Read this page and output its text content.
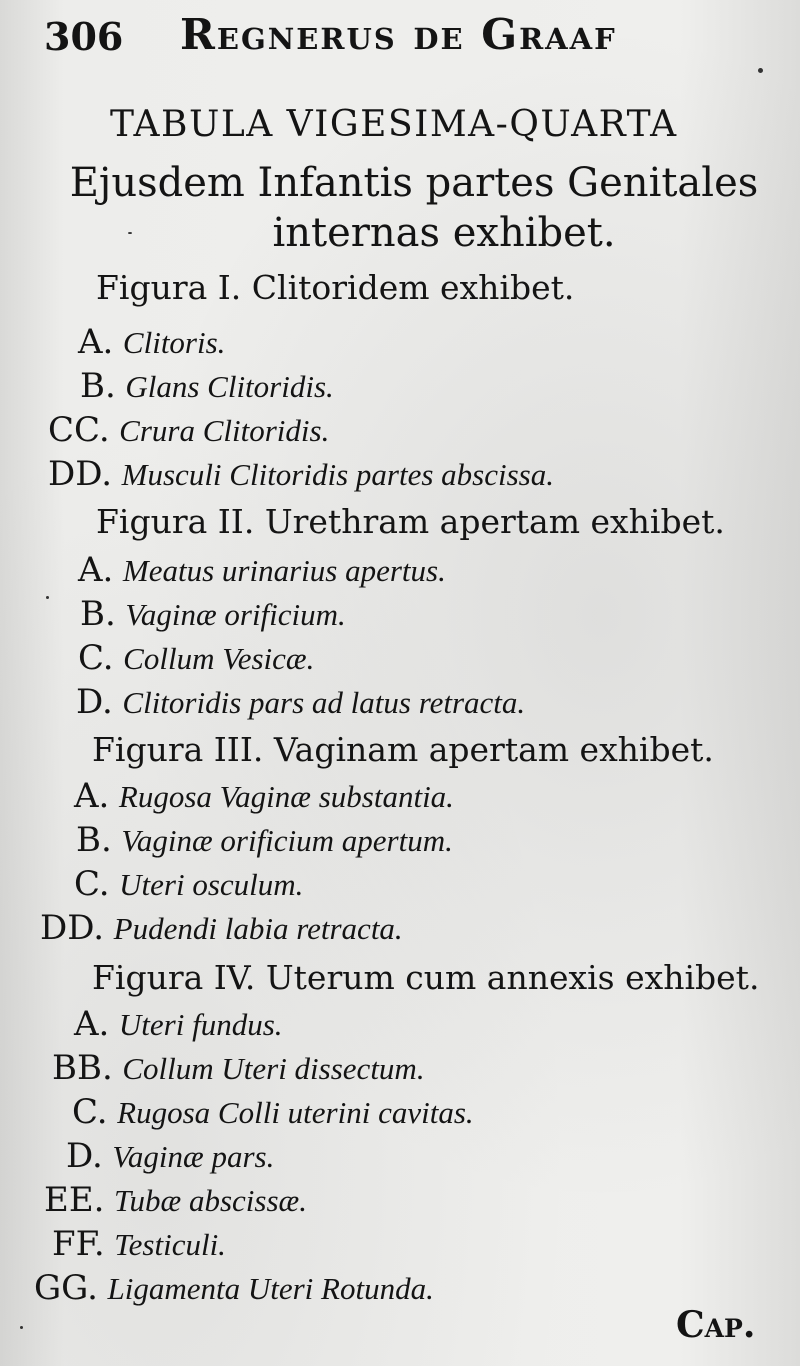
306 Regnerus de Graaf
TABULA VIGESIMA-QUARTA
Ejusdem Infantis partes Genitales
internas exhibet.
Figura I. Clitoridem exhibet.
A. Clitoris.
B. Glans Clitoridis.
CC. Crura Clitoridis.
DD. Musculi Clitoridis partes abscissa.
Figura II. Urethram apertam exhibet.
A. Meatus urinarius apertus.
B. Vaginæ orificium.
C. Collum Vesicæ.
D. Clitoridis pars ad latus retracta.
Figura III. Vaginam apertam exhibet.
A. Rugosa Vaginæ substantia.
B. Vaginæ orificium apertum.
C. Uteri osculum.
DD. Pudendi labia retracta.
Figura IV. Uterum cum annexis exhibet.
A. Uteri fundus.
BB. Collum Uteri dissectum.
C. Rugosa Colli uterini cavitas.
D. Vaginæ pars.
EE. Tubæ abscissæ.
FF. Testiculi.
GG. Ligamenta Uteri Rotunda.
Cap.
